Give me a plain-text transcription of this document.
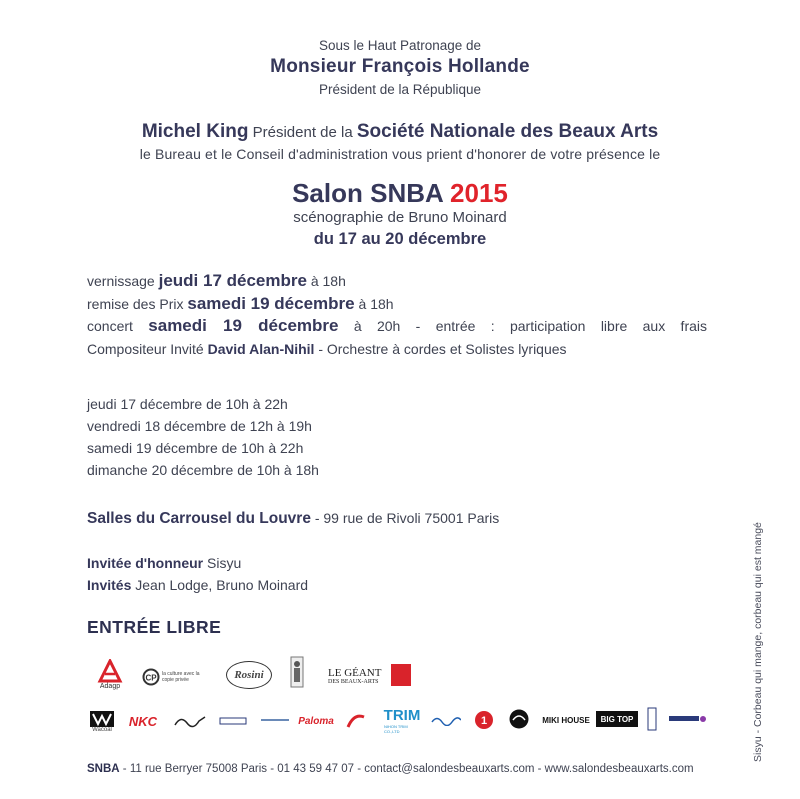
Sous le Haut Patronage de
Monsieur François Hollande
Président de la République
Michel King Président de la Société Nationale des Beaux Arts
le Bureau et le Conseil d'administration vous prient d'honorer de votre présence le
Salon SNBA 2015
scénographie de Bruno Moinard
du 17 au 20 décembre
vernissage jeudi 17 décembre à 18h
remise des Prix samedi 19 décembre à 18h
concert samedi 19 décembre à 20h - entrée : participation libre aux frais
Compositeur Invité David Alan-Nihil - Orchestre à cordes et Solistes lyriques
jeudi 17 décembre de 10h à 22h
vendredi 18 décembre de 12h à 19h
samedi 19 décembre de 10h à 22h
dimanche 20 décembre de 10h à 18h
Salles du Carrousel du Louvre - 99 rue de Rivoli 75001 Paris
Invitée d'honneur Sisyu
Invités Jean Lodge, Bruno Moinard
ENTRÉE LIBRE	Sisyu - Corbeau qui mange, corbeau qui est mangé
Adagp
CP la culture avec la copie privée	Rosini	LE GÉANT
DES BEAUX-ARTS
Wacoal
NKC	Paloma	TRIM
NIHON TRIM CO.,LTD
1	MIKI HOUSE BIG TOP
SNBA - 11 rue Berryer 75008 Paris - 01 43 59 47 07 - contact@salondesbeauxarts.com - www.salondesbeauxarts.com
